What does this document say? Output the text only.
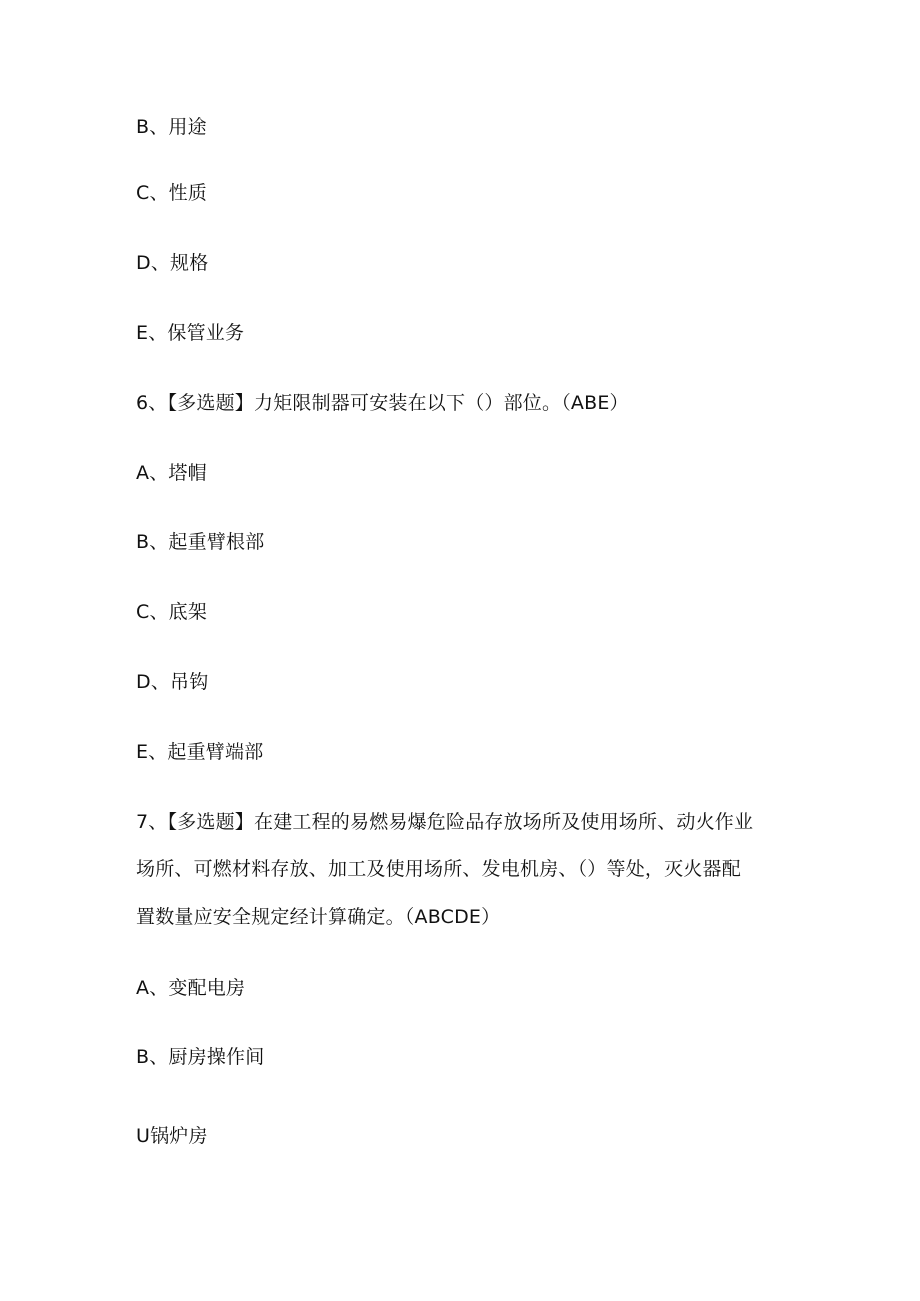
B、用途
C、性质
D、规格
E、保管业务
6、【多选题】力矩限制器可安装在以下（）部位。（ABE）
A、塔帽
B、起重臂根部
C、底架
D、吊钩
E、起重臂端部
7、【多选题】在建工程的易燃易爆危险品存放场所及使用场所、动火作业
场所、可燃材料存放、加工及使用场所、发电机房、（）等处，灭火器配
置数量应安全规定经计算确定。（ABCDE）
A、变配电房
B、厨房操作间
U锅炉房
